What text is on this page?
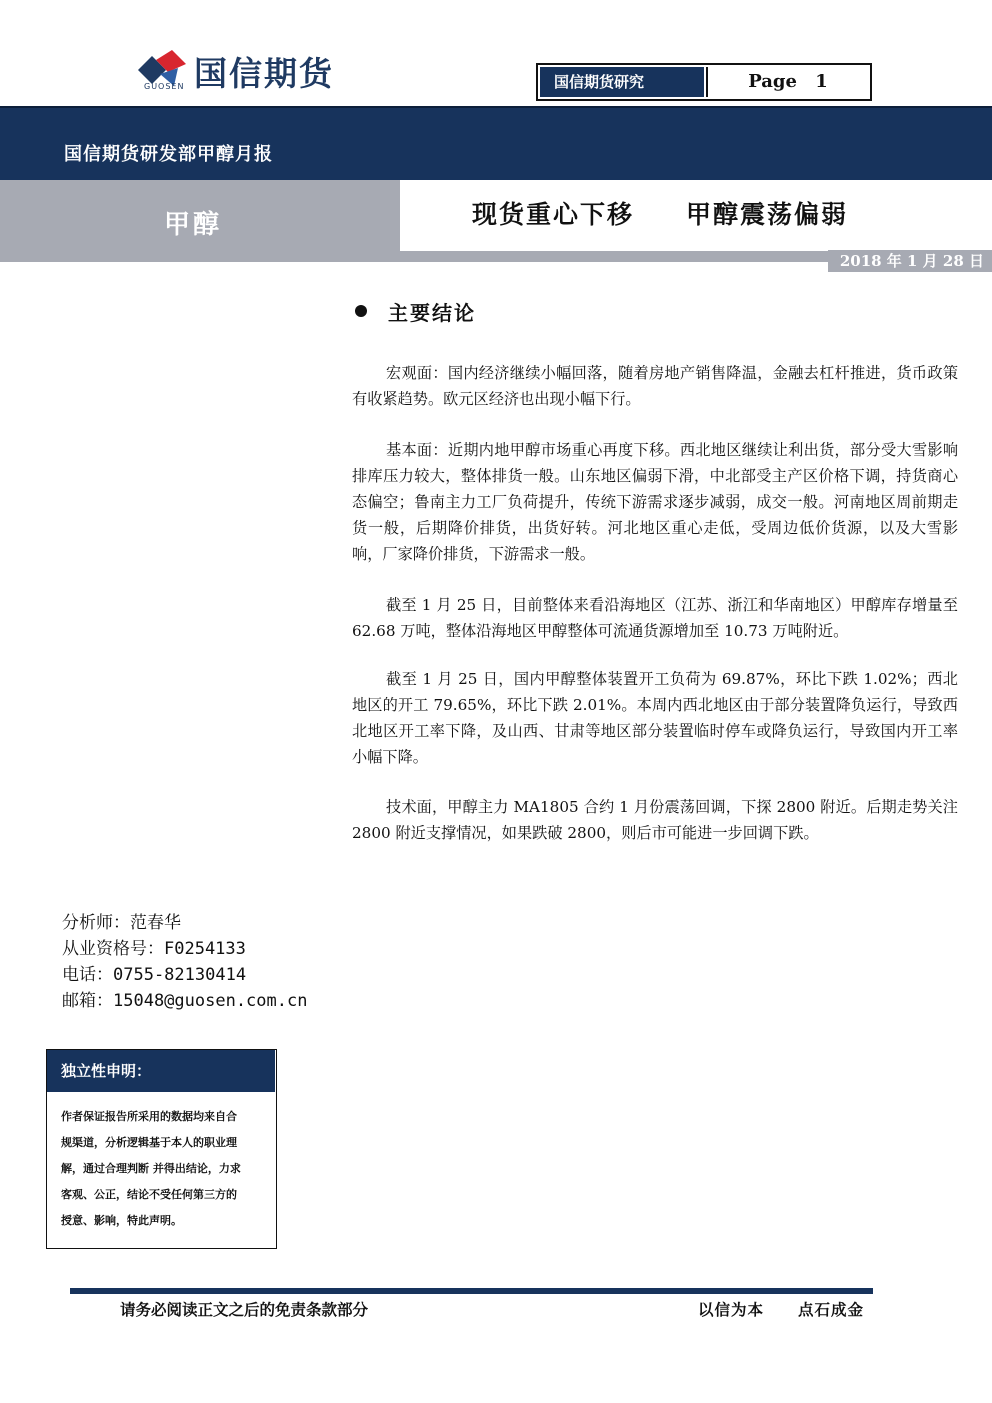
国信期货
GUOSEN	国信期货研究	Page 1
国信期货研发部甲醇月报
甲醇	现货重心下移 甲醇震荡偏弱
2018 年 1 月 28 日
主要结论
宏观面：国内经济继续小幅回落，随着房地产销售降温，金融去杠杆推进，货币政策有收紧趋势。欧元区经济也出现小幅下行。
基本面：近期内地甲醇市场重心再度下移。西北地区继续让利出货，部分受大雪影响排库压力较大，整体排货一般。山东地区偏弱下滑，中北部受主产区价格下调，持货商心态偏空；鲁南主力工厂负荷提升，传统下游需求逐步减弱，成交一般。河南地区周前期走货一般，后期降价排货，出货好转。河北地区重心走低，受周边低价货源，以及大雪影响，厂家降价排货，下游需求一般。
截至 1 月 25 日，目前整体来看沿海地区（江苏、浙江和华南地区）甲醇库存增量至 62.68 万吨，整体沿海地区甲醇整体可流通货源增加至 10.73 万吨附近。
截至 1 月 25 日，国内甲醇整体装置开工负荷为 69.87%，环比下跌 1.02%；西北地区的开工 79.65%，环比下跌 2.01%。本周内西北地区由于部分装置降负运行，导致西北地区开工率下降，及山西、甘肃等地区部分装置临时停车或降负运行，导致国内开工率小幅下降。
技术面，甲醇主力 MA1805 合约 1 月份震荡回调，下探 2800 附近。后期走势关注 2800 附近支撑情况，如果跌破 2800，则后市可能进一步回调下跌。
分析师：范春华
从业资格号：F0254133
电话：0755-82130414
邮箱：15048@guosen.com.cn
独立性申明：
作者保证报告所采用的数据均来自合
规渠道，分析逻辑基于本人的职业理
解，通过合理判断 并得出结论，力求
客观、公正，结论不受任何第三方的
授意、影响，特此声明。
请务必阅读正文之后的免责条款部分	以信为本 点石成金
